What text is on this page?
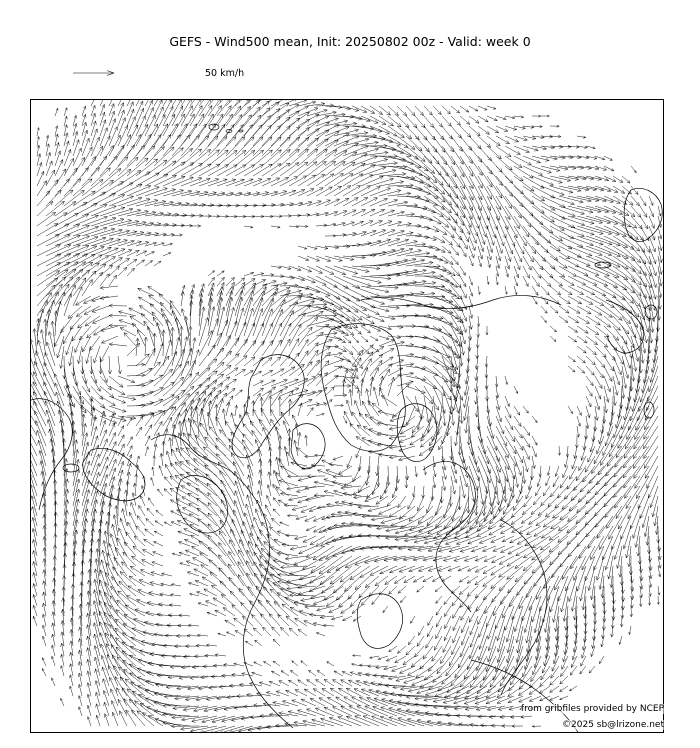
GEFS - Wind500 mean, Init: 20250802 00z - Valid: week 0
50 km/h
from gribfiles provided by NCEP
©2025 sb@lrizone.net
